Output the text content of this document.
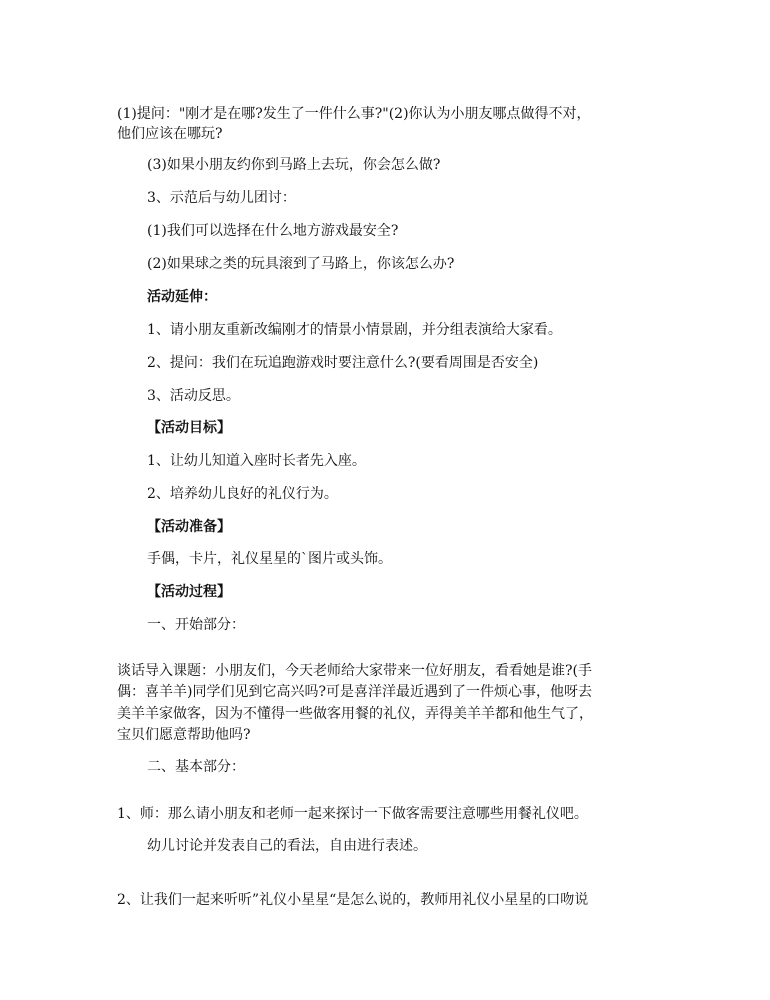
(1)提问："刚才是在哪?发生了一件什么事?"(2)你认为小朋友哪点做得不对，

他们应该在哪玩?

(3)如果小朋友约你到马路上去玩，你会怎么做?

3、示范后与幼儿团讨：

(1)我们可以选择在什么地方游戏最安全?

(2)如果球之类的玩具滚到了马路上，你该怎么办?

活动延伸：

1、请小朋友重新改编刚才的情景小情景剧，并分组表演给大家看。

2、提问：我们在玩追跑游戏时要注意什么?(要看周围是否安全)

3、活动反思。

【活动目标】

1、让幼儿知道入座时长者先入座。

2、培养幼儿良好的礼仪行为。

【活动准备】

手偶，卡片，礼仪星星的`图片或头饰。

【活动过程】

一、开始部分：

谈话导入课题：小朋友们，今天老师给大家带来一位好朋友，看看她是谁?(手

偶：喜羊羊)同学们见到它高兴吗?可是喜洋洋最近遇到了一件烦心事，他呀去

美羊羊家做客，因为不懂得一些做客用餐的礼仪，弄得美羊羊都和他生气了，

宝贝们愿意帮助他吗?

二、基本部分：

1、师：那么请小朋友和老师一起来探讨一下做客需要注意哪些用餐礼仪吧。

幼儿讨论并发表自己的看法，自由进行表述。

2、让我们一起来听听”礼仪小星星“是怎么说的，教师用礼仪小星星的口吻说
